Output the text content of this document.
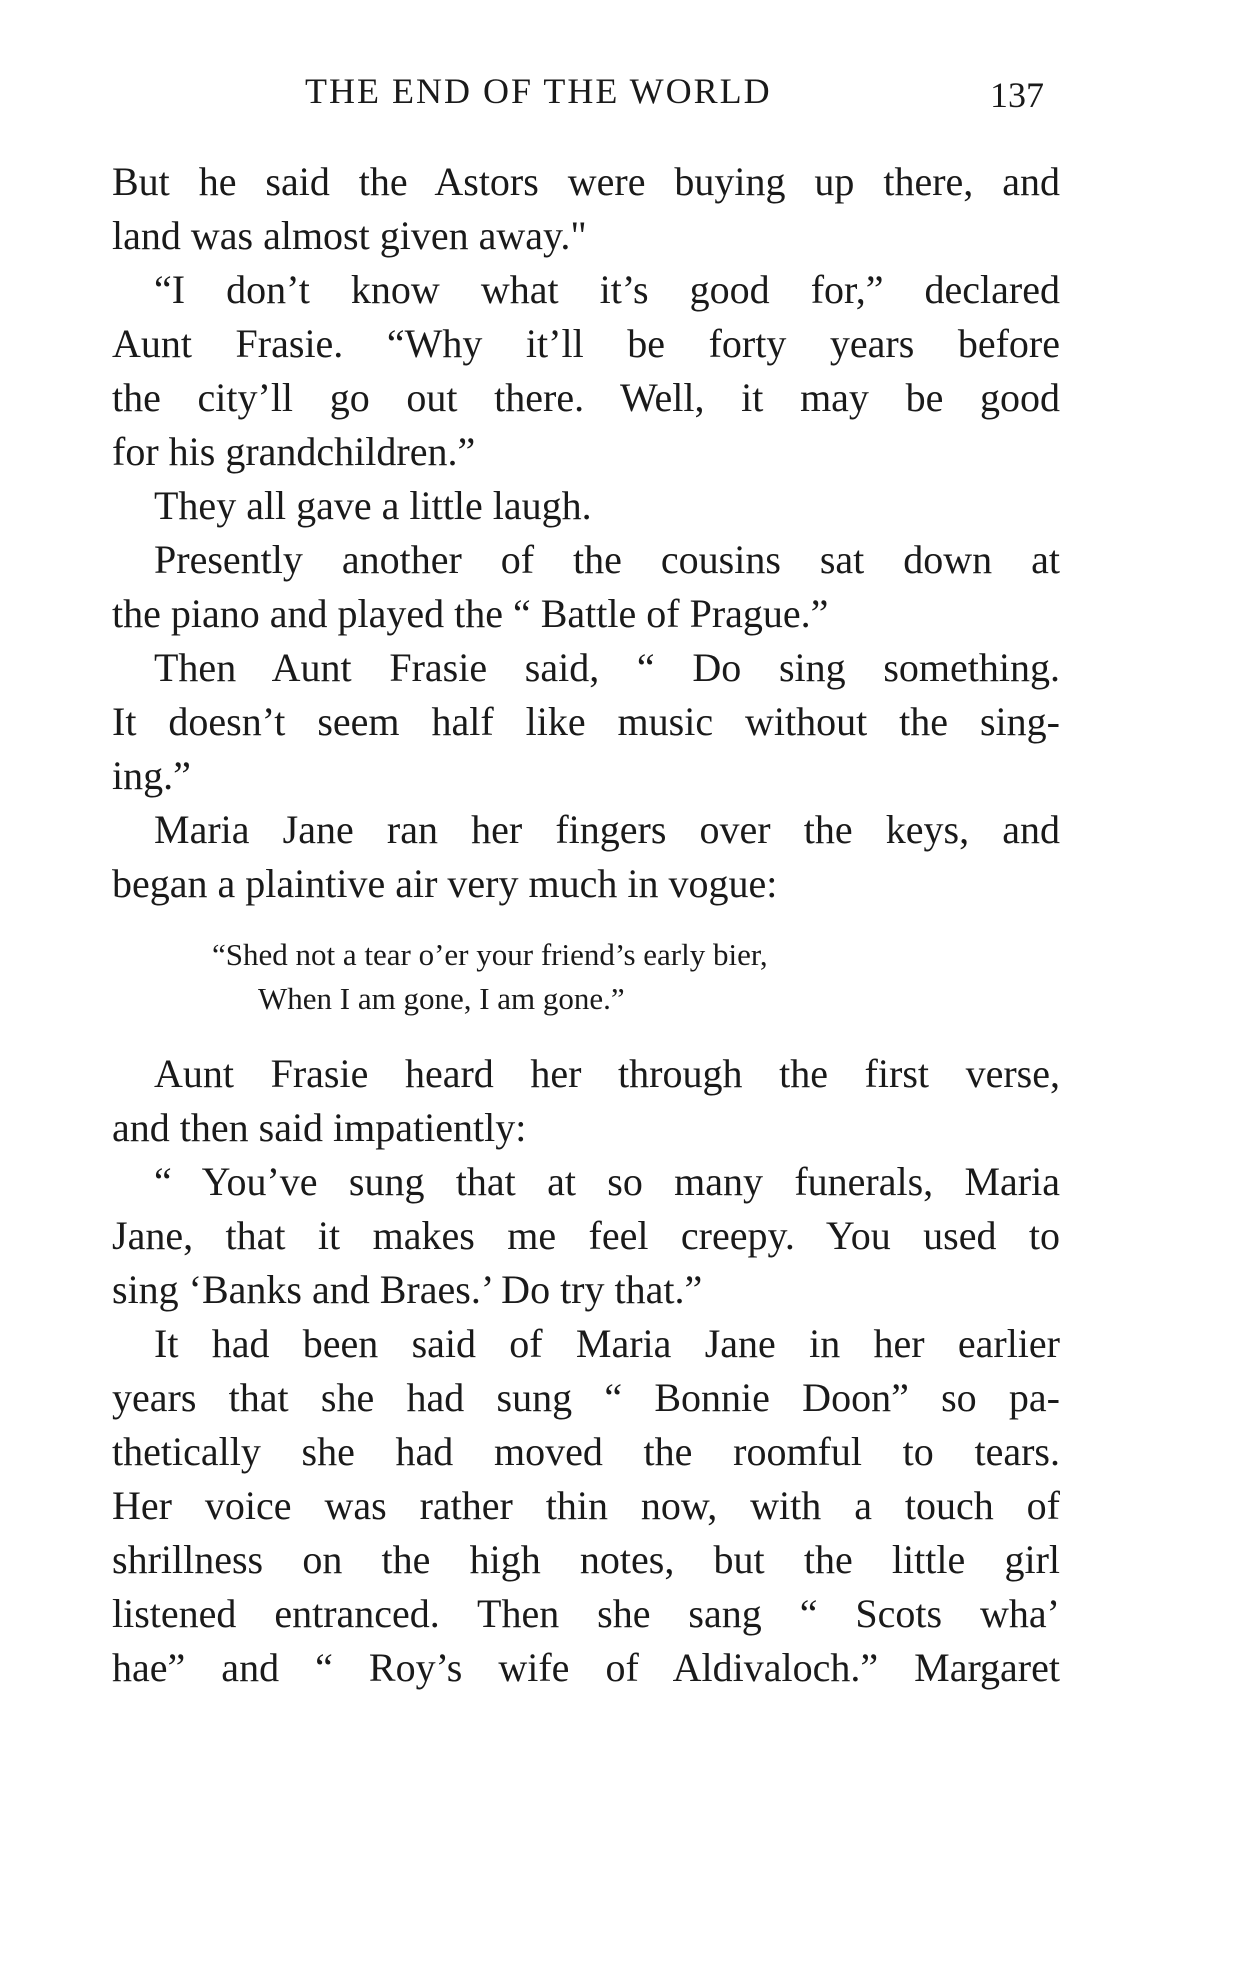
THE END OF THE WORLD	137
But he said the Astors were buying up there, and
land was almost given away."
“I don’t know what it’s good for,” declared
Aunt Frasie. “Why it’ll be forty years before
the city’ll go out there. Well, it may be good
for his grandchildren.”
They all gave a little laugh.
Presently another of the cousins sat down at
the piano and played the “ Battle of Prague.”
Then Aunt Frasie said, “ Do sing something.
It doesn’t seem half like music without the sing-
ing.”
Maria Jane ran her fingers over the keys, and
began a plaintive air very much in vogue:
“Shed not a tear o’er your friend’s early bier,
When I am gone, I am gone.”
Aunt Frasie heard her through the first verse,
and then said impatiently:
“ You’ve sung that at so many funerals, Maria
Jane, that it makes me feel creepy. You used to
sing ‘Banks and Braes.’ Do try that.”
It had been said of Maria Jane in her earlier
years that she had sung “ Bonnie Doon” so pa-
thetically she had moved the roomful to tears.
Her voice was rather thin now, with a touch of
shrillness on the high notes, but the little girl
listened entranced. Then she sang “ Scots wha’
hae” and “ Roy’s wife of Aldivaloch.” Margaret
